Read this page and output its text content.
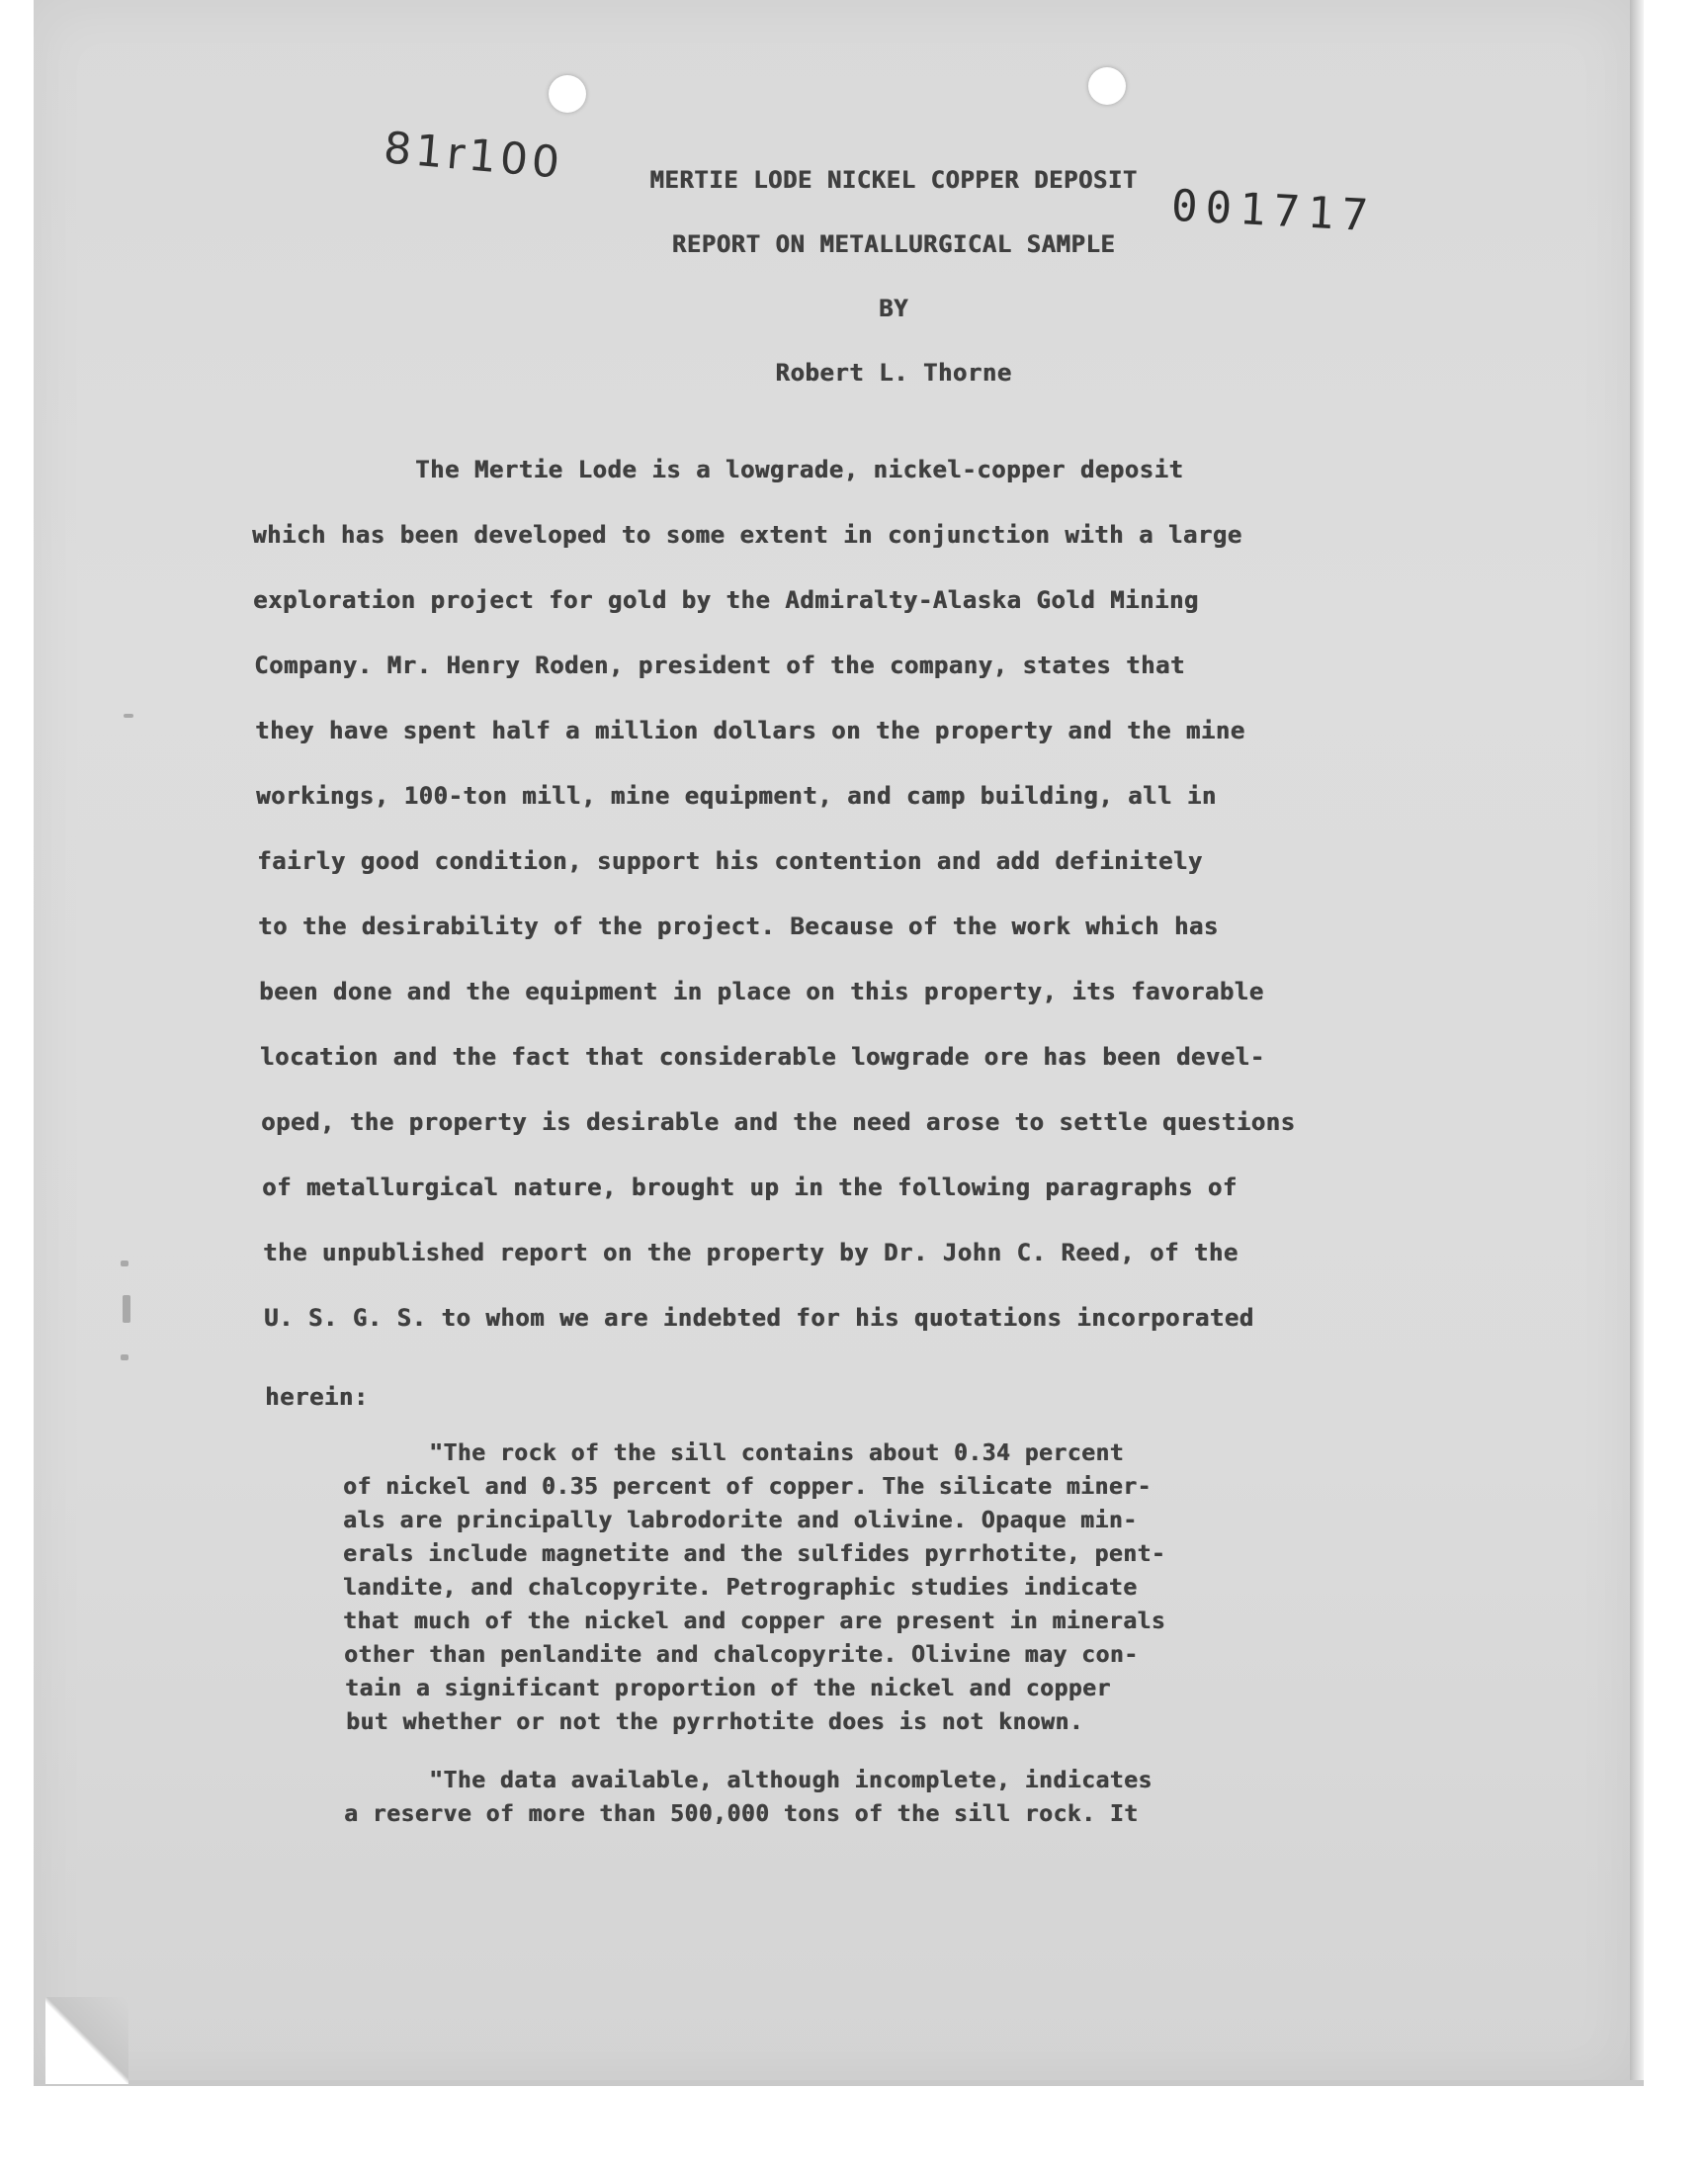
81r100
001717
MERTIE LODE NICKEL COPPER DEPOSIT
REPORT ON METALLURGICAL SAMPLE
BY
Robert L. Thorne
The Mertie Lode is a lowgrade, nickel-copper deposit
which has been developed to some extent in conjunction with a large
exploration project for gold by the Admiralty-Alaska Gold Mining
Company. Mr. Henry Roden, president of the company, states that
they have spent half a million dollars on the property and the mine
workings, 100-ton mill, mine equipment, and camp building, all in
fairly good condition, support his contention and add definitely
to the desirability of the project. Because of the work which has
been done and the equipment in place on this property, its favorable
location and the fact that considerable lowgrade ore has been devel-
oped, the property is desirable and the need arose to settle questions
of metallurgical nature, brought up in the following paragraphs of
the unpublished report on the property by Dr. John C. Reed, of the
U. S. G. S. to whom we are indebted for his quotations incorporated
herein:
"The rock of the sill contains about 0.34 percent
of nickel and 0.35 percent of copper. The silicate miner-
als are principally labrodorite and olivine. Opaque min-
erals include magnetite and the sulfides pyrrhotite, pent-
landite, and chalcopyrite. Petrographic studies indicate
that much of the nickel and copper are present in minerals
other than penlandite and chalcopyrite. Olivine may con-
tain a significant proportion of the nickel and copper
but whether or not the pyrrhotite does is not known.
"The data available, although incomplete, indicates
a reserve of more than 500,000 tons of the sill rock. It
